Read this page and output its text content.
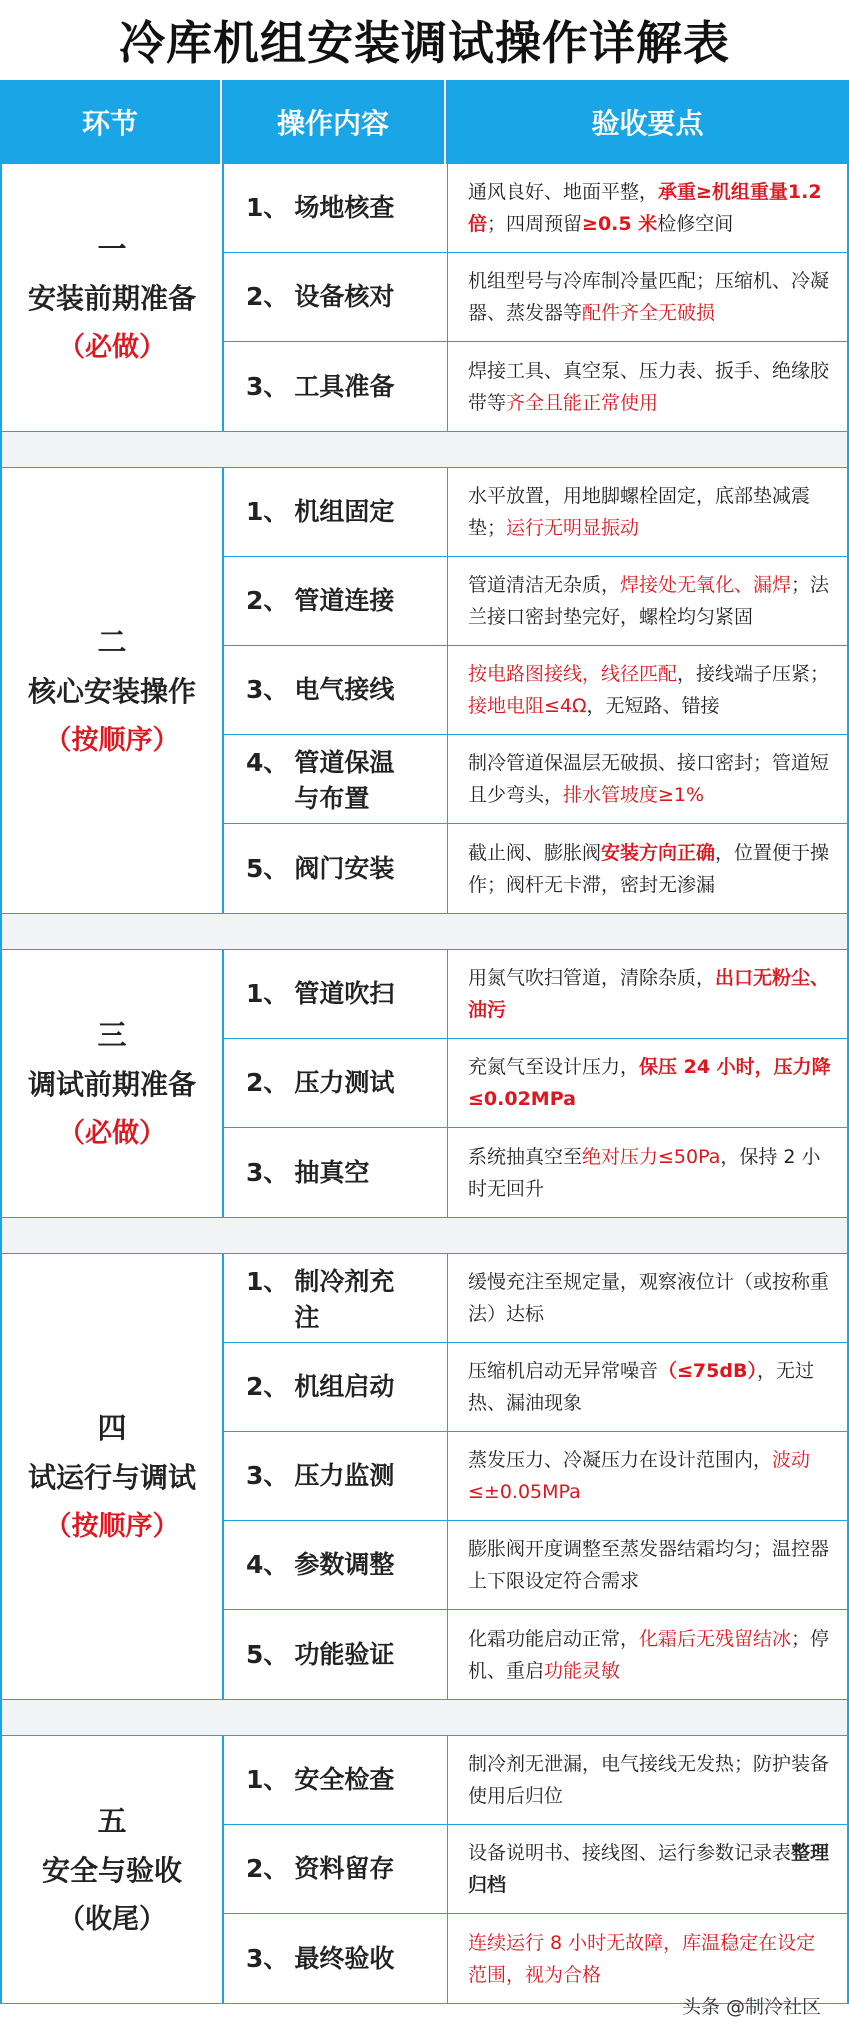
冷库机组安装调试操作详解表
环节	操作内容	验收要点
一
安装前期准备
（必做）
1、 场地核查
通风良好、地面平整，承重≥机组重量1.2倍；四周预留≥0.5 米检修空间
2、 设备核对
机组型号与冷库制冷量匹配；压缩机、冷凝器、蒸发器等配件齐全无破损
3、 工具准备
焊接工具、真空泵、压力表、扳手、绝缘胶带等齐全且能正常使用
二
核心安装操作
（按顺序）
1、 机组固定
水平放置，用地脚螺栓固定，底部垫减震垫；运行无明显振动
2、 管道连接
管道清洁无杂质，焊接处无氧化、漏焊；法兰接口密封垫完好，螺栓均匀紧固
3、 电气接线
按电路图接线，线径匹配，接线端子压紧；接地电阻≤4Ω，无短路、错接
4、 管道保温与布置
制冷管道保温层无破损、接口密封；管道短且少弯头，排水管坡度≥1%
5、 阀门安装
截止阀、膨胀阀安装方向正确，位置便于操作；阀杆无卡滞，密封无渗漏
三
调试前期准备
（必做）
1、 管道吹扫
用氮气吹扫管道，清除杂质，出口无粉尘、油污
2、 压力测试
充氮气至设计压力，保压 24 小时，压力降≤0.02MPa
3、 抽真空
系统抽真空至绝对压力≤50Pa，保持 2 小时无回升
四
试运行与调试
（按顺序）
1、 制冷剂充注
缓慢充注至规定量，观察液位计（或按称重法）达标
2、 机组启动
压缩机启动无异常噪音（≤75dB），无过热、漏油现象
3、 压力监测
蒸发压力、冷凝压力在设计范围内，波动≤±0.05MPa
4、 参数调整
膨胀阀开度调整至蒸发器结霜均匀；温控器上下限设定符合需求
5、 功能验证
化霜功能启动正常，化霜后无残留结冰；停机、重启功能灵敏
五
安全与验收
（收尾）
1、 安全检查
制冷剂无泄漏，电气接线无发热；防护装备使用后归位
2、 资料留存
设备说明书、接线图、运行参数记录表整理归档
3、 最终验收
连续运行 8 小时无故障，库温稳定在设定范围，视为合格
头条 @制冷社区
